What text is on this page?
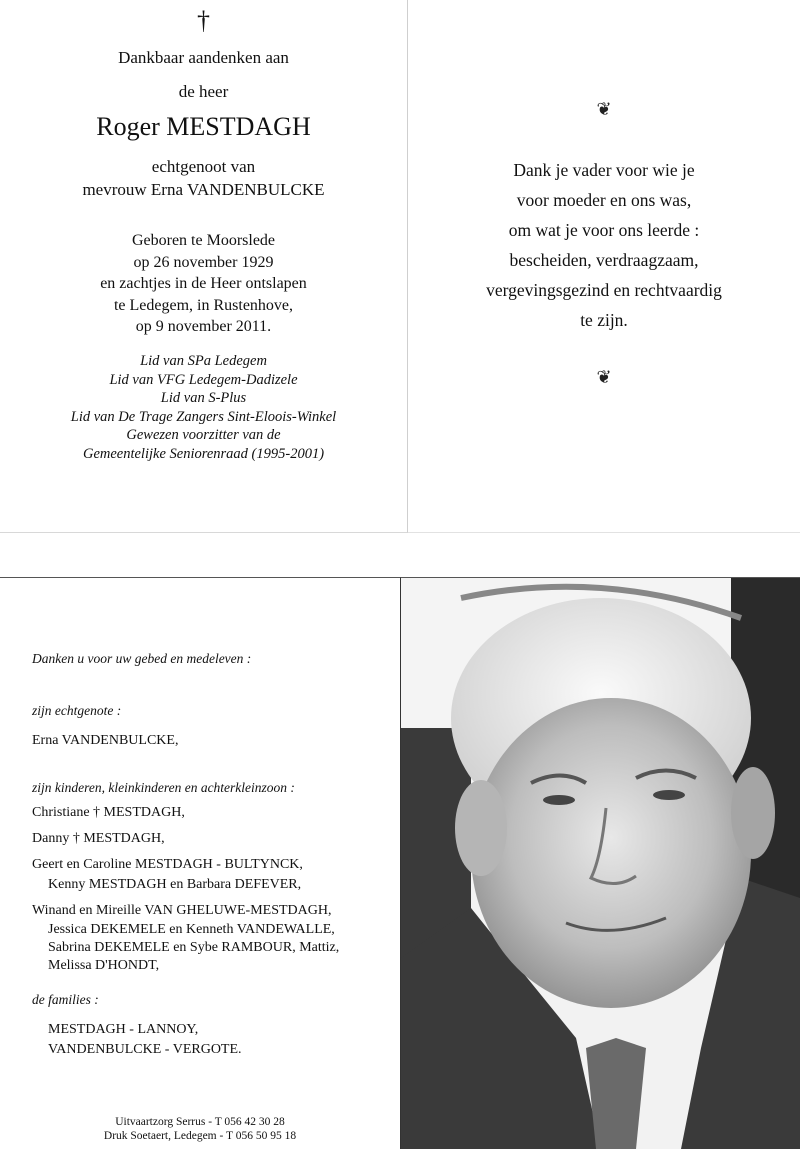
†
Dankbaar aandenken aan
de heer
Roger MESTDAGH
echtgenoot van
mevrouw Erna VANDENBULCKE
Geboren te Moorslede
op 26 november 1929
en zachtjes in de Heer ontslapen
te Ledegem, in Rustenhove,
op 9 november 2011.
Lid van SPa Ledegem
Lid van VFG Ledegem-Dadizele
Lid van S-Plus
Lid van De Trage Zangers Sint-Eloois-Winkel
Gewezen voorzitter van de
Gemeentelijke Seniorenraad (1995-2001)
❦
Dank je vader voor wie je
voor moeder en ons was,
om wat je voor ons leerde :
bescheiden, verdraagzaam,
vergevingsgezind en rechtvaardig
te zijn.
❦
Danken u voor uw gebed en medeleven :
zijn echtgenote :
Erna VANDENBULCKE,
zijn kinderen, kleinkinderen en achterkleinzoon :
Christiane † MESTDAGH,
Danny † MESTDAGH,
Geert en Caroline MESTDAGH - BULTYNCK,
Kenny MESTDAGH en Barbara DEFEVER,
Winand en Mireille VAN GHELUWE-MESTDAGH,
Jessica DEKEMELE en Kenneth VANDEWALLE,
Sabrina DEKEMELE en Sybe RAMBOUR, Mattiz,
Melissa D'HONDT,
de families :
MESTDAGH - LANNOY,
VANDENBULCKE - VERGOTE.
Uitvaartzorg Serrus - T 056 42 30 28
Druk Soetaert, Ledegem - T 056 50 95 18
